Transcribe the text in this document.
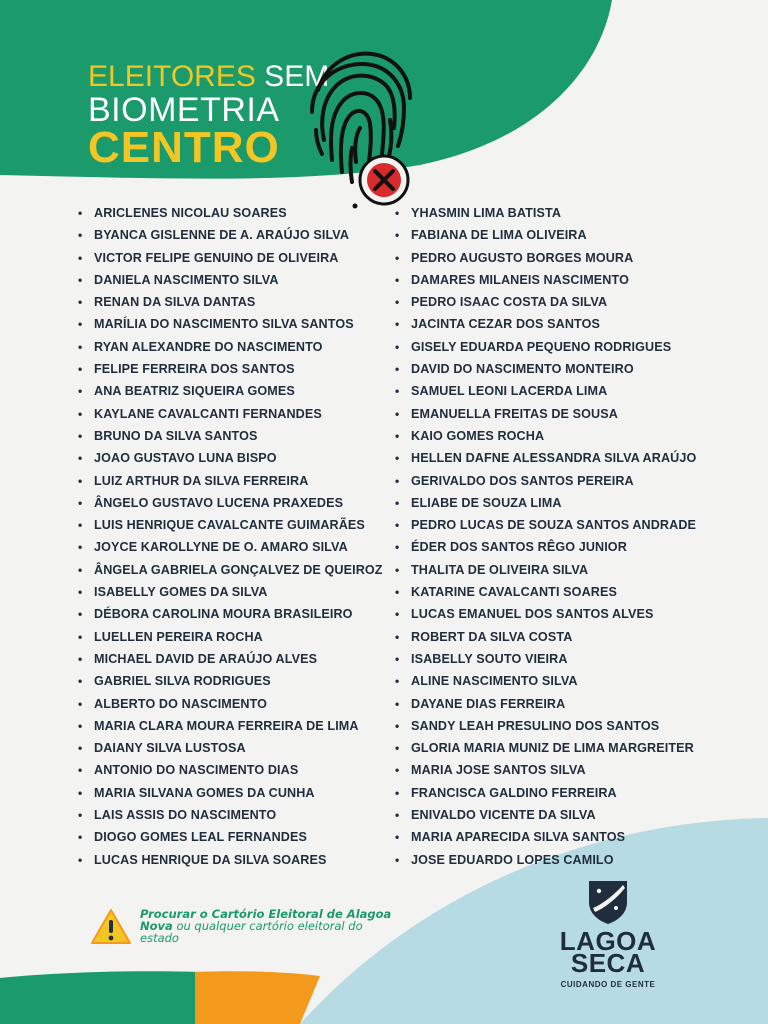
ELEITORES SEM
BIOMETRIA
CENTRO
• ARICLENES NICOLAU SOARES
• BYANCA GISLENNE DE A. ARAÚJO SILVA
• VICTOR FELIPE GENUINO DE OLIVEIRA
• DANIELA NASCIMENTO SILVA
• RENAN DA SILVA DANTAS
• MARÍLIA DO NASCIMENTO SILVA SANTOS
• RYAN ALEXANDRE DO NASCIMENTO
• FELIPE FERREIRA DOS SANTOS
• ANA BEATRIZ SIQUEIRA GOMES
• KAYLANE CAVALCANTI FERNANDES
• BRUNO DA SILVA SANTOS
• JOAO GUSTAVO LUNA BISPO
• LUIZ ARTHUR DA SILVA FERREIRA
• ÂNGELO GUSTAVO LUCENA PRAXEDES
• LUIS HENRIQUE CAVALCANTE GUIMARÃES
• JOYCE KAROLLYNE DE O. AMARO SILVA
• ÂNGELA GABRIELA GONÇALVEZ DE QUEIROZ
• ISABELLY GOMES DA SILVA
• DÉBORA CAROLINA MOURA BRASILEIRO
• LUELLEN PEREIRA ROCHA
• MICHAEL DAVID DE ARAÚJO ALVES
• GABRIEL SILVA RODRIGUES
• ALBERTO DO NASCIMENTO
• MARIA CLARA MOURA FERREIRA DE LIMA
• DAIANY SILVA LUSTOSA
• ANTONIO DO NASCIMENTO DIAS
• MARIA SILVANA GOMES DA CUNHA
• LAIS ASSIS DO NASCIMENTO
• DIOGO GOMES LEAL FERNANDES
• LUCAS HENRIQUE DA SILVA SOARES
• YHASMIN LIMA BATISTA
• FABIANA DE LIMA OLIVEIRA
• PEDRO AUGUSTO BORGES MOURA
• DAMARES MILANEIS NASCIMENTO
• PEDRO ISAAC COSTA DA SILVA
• JACINTA CEZAR DOS SANTOS
• GISELY EDUARDA PEQUENO RODRIGUES
• DAVID DO NASCIMENTO MONTEIRO
• SAMUEL LEONI LACERDA LIMA
• EMANUELLA FREITAS DE SOUSA
• KAIO GOMES ROCHA
• HELLEN DAFNE ALESSANDRA SILVA ARAÚJO
• GERIVALDO DOS SANTOS PEREIRA
• ELIABE DE SOUZA LIMA
• PEDRO LUCAS DE SOUZA SANTOS ANDRADE
• ÉDER DOS SANTOS RÊGO JUNIOR
• THALITA DE OLIVEIRA SILVA
• KATARINE CAVALCANTI SOARES
• LUCAS EMANUEL DOS SANTOS ALVES
• ROBERT DA SILVA COSTA
• ISABELLY SOUTO VIEIRA
• ALINE NASCIMENTO SILVA
• DAYANE DIAS FERREIRA
• SANDY LEAH PRESULINO DOS SANTOS
• GLORIA MARIA MUNIZ DE LIMA MARGREITER
• MARIA JOSE SANTOS SILVA
• FRANCISCA GALDINO FERREIRA
• ENIVALDO VICENTE DA SILVA
• MARIA APARECIDA SILVA SANTOS
• JOSE EDUARDO LOPES CAMILO
Procurar o Cartório Eleitoral de Alagoa Nova ou qualquer cartório eleitoral do estado	LAGOA
SECA
CUIDANDO DE GENTE
